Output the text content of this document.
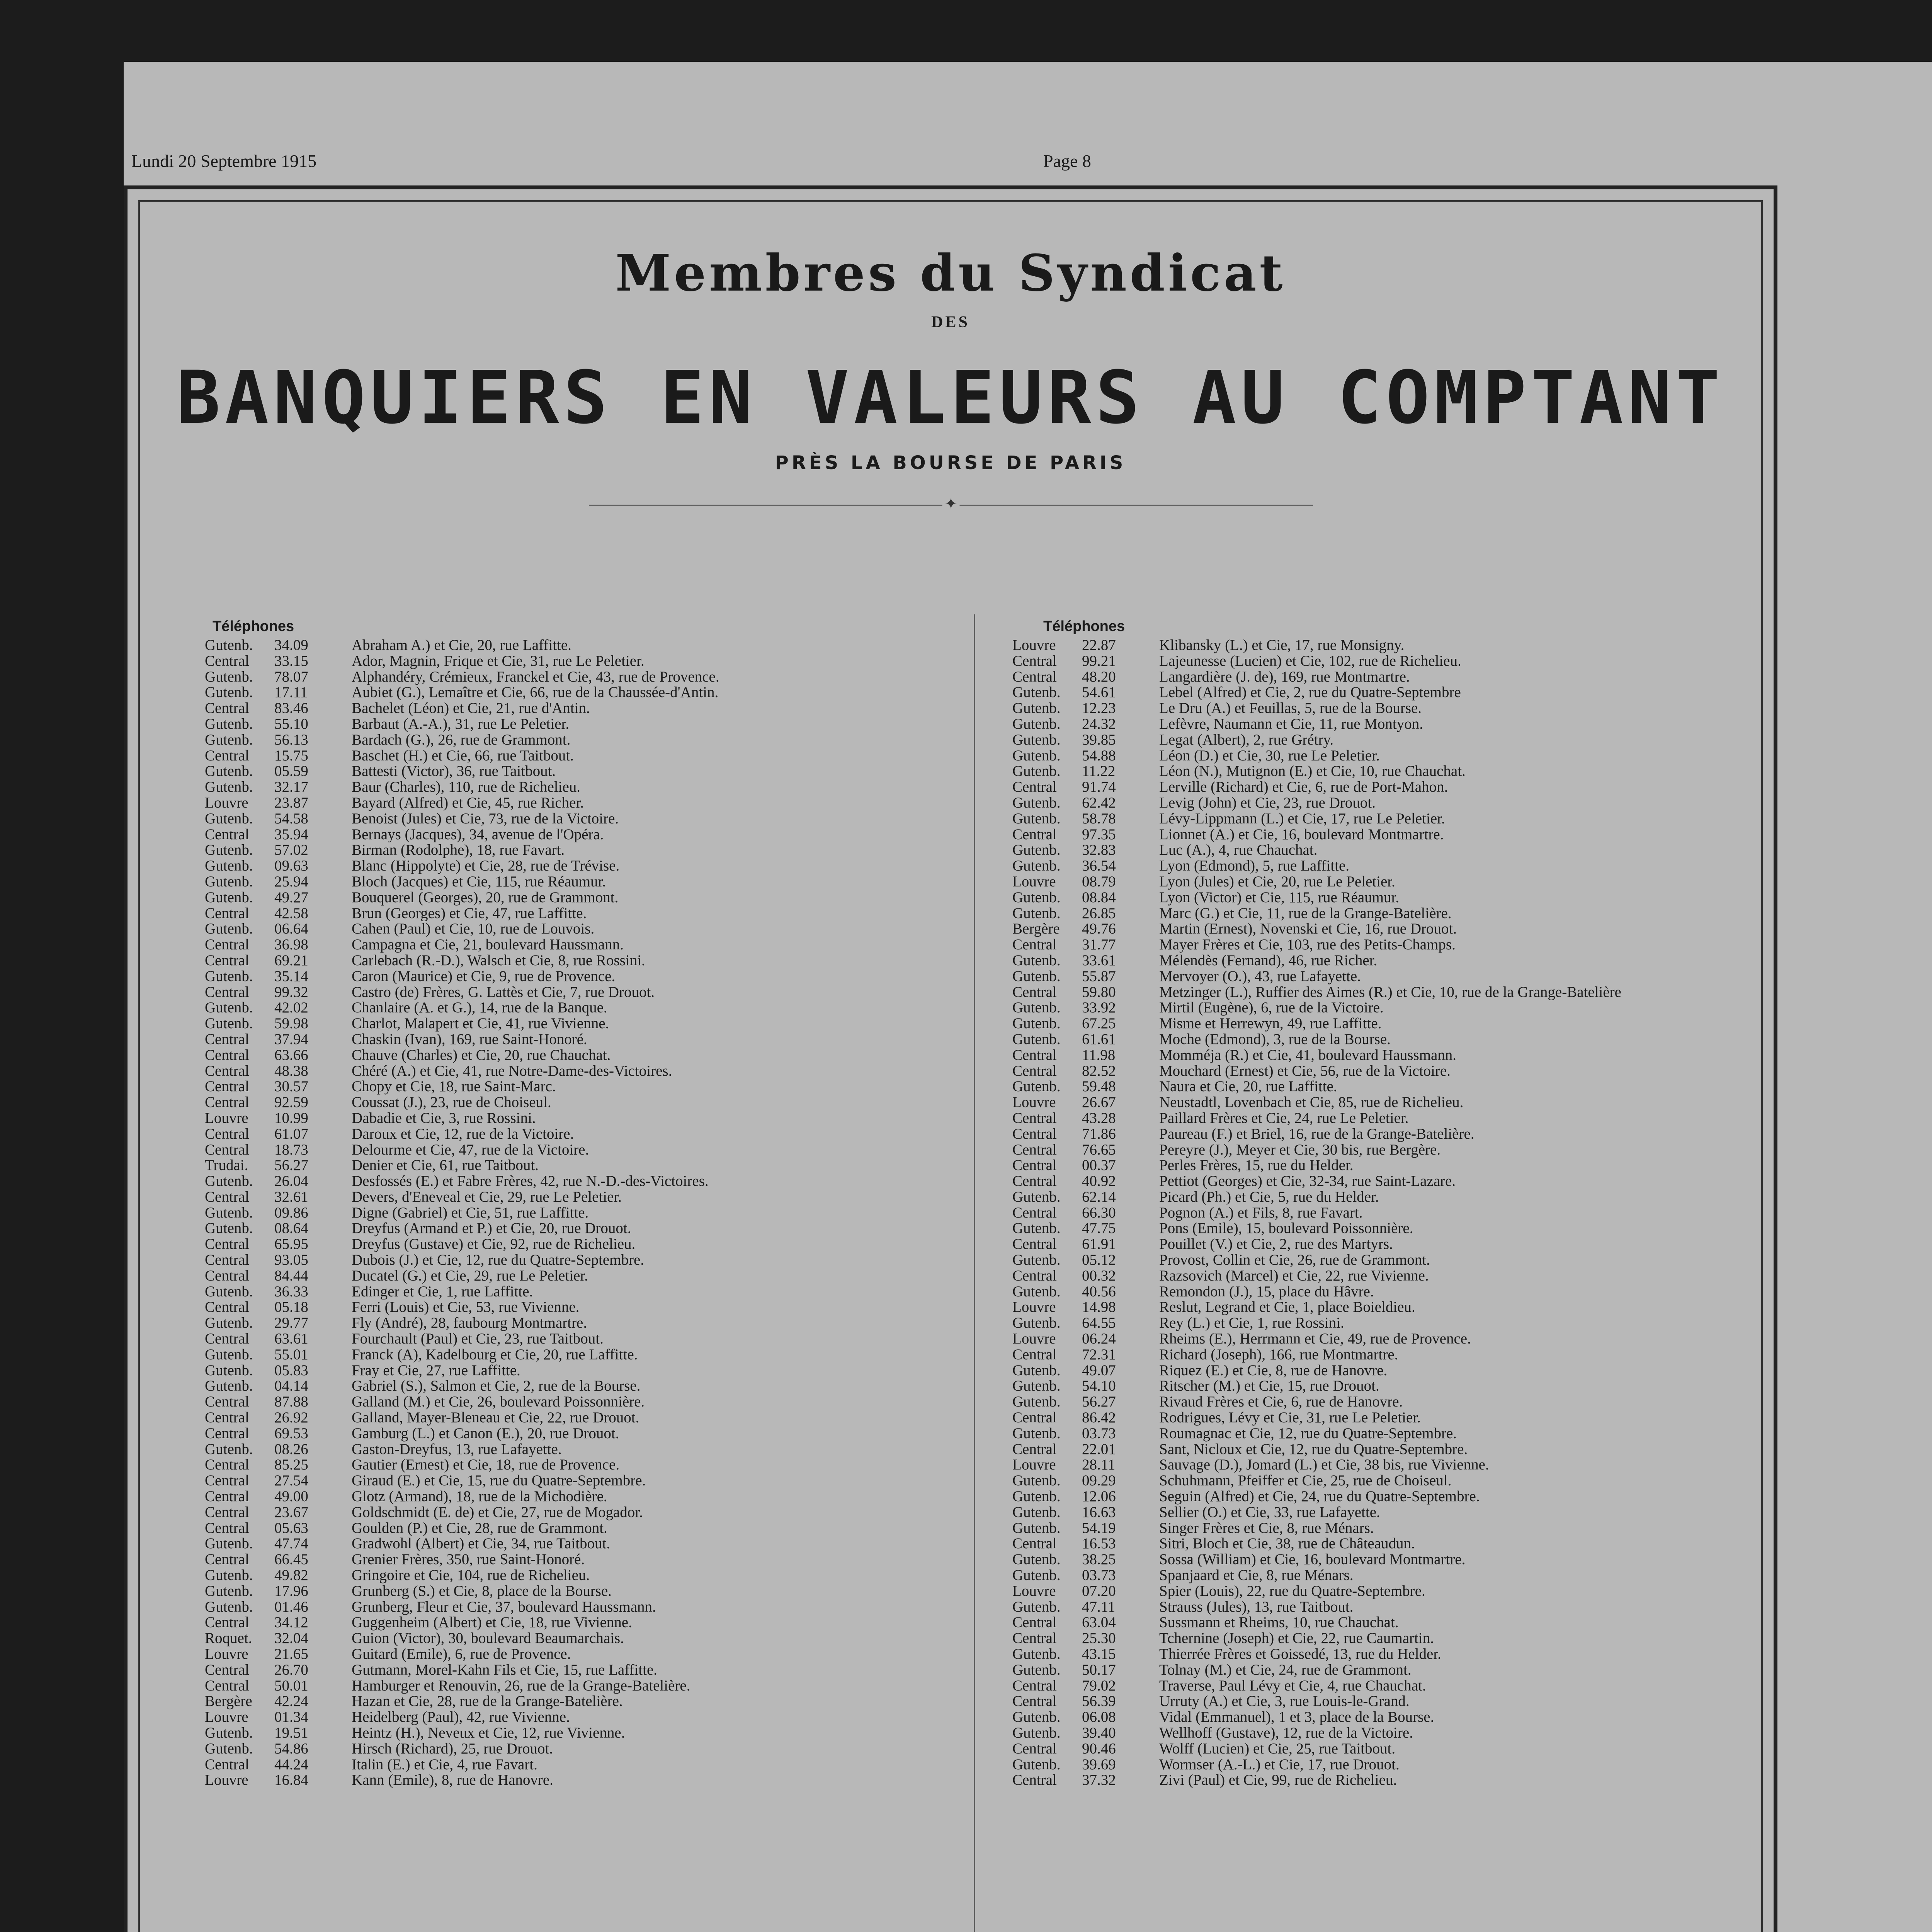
Lundi 20 Septembre 1915	Page 8
Membres du Syndicat
DES
BANQUIERS EN VALEURS AU COMPTANT
PRÈS LA BOURSE DE PARIS
―――――――――――――――――――――――― ✦ ――――――――――――――――――――――――
Téléphones	Téléphones
Gutenb.	34.09	Abraham A.) et Cie, 20, rue Laffitte.
Central	33.15	Ador, Magnin, Frique et Cie, 31, rue Le Peletier.
Gutenb.	78.07	Alphandéry, Crémieux, Franckel et Cie, 43, rue de Provence.
Gutenb.	17.11	Aubiet (G.), Lemaître et Cie, 66, rue de la Chaussée-d'Antin.
Central	83.46	Bachelet (Léon) et Cie, 21, rue d'Antin.
Gutenb.	55.10	Barbaut (A.-A.), 31, rue Le Peletier.
Gutenb.	56.13	Bardach (G.), 26, rue de Grammont.
Central	15.75	Baschet (H.) et Cie, 66, rue Taitbout.
Gutenb.	05.59	Battesti (Victor), 36, rue Taitbout.
Gutenb.	32.17	Baur (Charles), 110, rue de Richelieu.
Louvre	23.87	Bayard (Alfred) et Cie, 45, rue Richer.
Gutenb.	54.58	Benoist (Jules) et Cie, 73, rue de la Victoire.
Central	35.94	Bernays (Jacques), 34, avenue de l'Opéra.
Gutenb.	57.02	Birman (Rodolphe), 18, rue Favart.
Gutenb.	09.63	Blanc (Hippolyte) et Cie, 28, rue de Trévise.
Gutenb.	25.94	Bloch (Jacques) et Cie, 115, rue Réaumur.
Gutenb.	49.27	Bouquerel (Georges), 20, rue de Grammont.
Central	42.58	Brun (Georges) et Cie, 47, rue Laffitte.
Gutenb.	06.64	Cahen (Paul) et Cie, 10, rue de Louvois.
Central	36.98	Campagna et Cie, 21, boulevard Haussmann.
Central	69.21	Carlebach (R.-D.), Walsch et Cie, 8, rue Rossini.
Gutenb.	35.14	Caron (Maurice) et Cie, 9, rue de Provence.
Central	99.32	Castro (de) Frères, G. Lattès et Cie, 7, rue Drouot.
Gutenb.	42.02	Chanlaire (A. et G.), 14, rue de la Banque.
Gutenb.	59.98	Charlot, Malapert et Cie, 41, rue Vivienne.
Central	37.94	Chaskin (Ivan), 169, rue Saint-Honoré.
Central	63.66	Chauve (Charles) et Cie, 20, rue Chauchat.
Central	48.38	Chéré (A.) et Cie, 41, rue Notre-Dame-des-Victoires.
Central	30.57	Chopy et Cie, 18, rue Saint-Marc.
Central	92.59	Coussat (J.), 23, rue de Choiseul.
Louvre	10.99	Dabadie et Cie, 3, rue Rossini.
Central	61.07	Daroux et Cie, 12, rue de la Victoire.
Central	18.73	Delourme et Cie, 47, rue de la Victoire.
Trudai.	56.27	Denier et Cie, 61, rue Taitbout.
Gutenb.	26.04	Desfossés (E.) et Fabre Frères, 42, rue N.-D.-des-Victoires.
Central	32.61	Devers, d'Eneveal et Cie, 29, rue Le Peletier.
Gutenb.	09.86	Digne (Gabriel) et Cie, 51, rue Laffitte.
Gutenb.	08.64	Dreyfus (Armand et P.) et Cie, 20, rue Drouot.
Central	65.95	Dreyfus (Gustave) et Cie, 92, rue de Richelieu.
Central	93.05	Dubois (J.) et Cie, 12, rue du Quatre-Septembre.
Central	84.44	Ducatel (G.) et Cie, 29, rue Le Peletier.
Gutenb.	36.33	Edinger et Cie, 1, rue Laffitte.
Central	05.18	Ferri (Louis) et Cie, 53, rue Vivienne.
Gutenb.	29.77	Fly (André), 28, faubourg Montmartre.
Central	63.61	Fourchault (Paul) et Cie, 23, rue Taitbout.
Gutenb.	55.01	Franck (A), Kadelbourg et Cie, 20, rue Laffitte.
Gutenb.	05.83	Fray et Cie, 27, rue Laffitte.
Gutenb.	04.14	Gabriel (S.), Salmon et Cie, 2, rue de la Bourse.
Central	87.88	Galland (M.) et Cie, 26, boulevard Poissonnière.
Central	26.92	Galland, Mayer-Bleneau et Cie, 22, rue Drouot.
Central	69.53	Gamburg (L.) et Canon (E.), 20, rue Drouot.
Gutenb.	08.26	Gaston-Dreyfus, 13, rue Lafayette.
Central	85.25	Gautier (Ernest) et Cie, 18, rue de Provence.
Central	27.54	Giraud (E.) et Cie, 15, rue du Quatre-Septembre.
Central	49.00	Glotz (Armand), 18, rue de la Michodière.
Central	23.67	Goldschmidt (E. de) et Cie, 27, rue de Mogador.
Central	05.63	Goulden (P.) et Cie, 28, rue de Grammont.
Gutenb.	47.74	Gradwohl (Albert) et Cie, 34, rue Taitbout.
Central	66.45	Grenier Frères, 350, rue Saint-Honoré.
Gutenb.	49.82	Gringoire et Cie, 104, rue de Richelieu.
Gutenb.	17.96	Grunberg (S.) et Cie, 8, place de la Bourse.
Gutenb.	01.46	Grunberg, Fleur et Cie, 37, boulevard Haussmann.
Central	34.12	Guggenheim (Albert) et Cie, 18, rue Vivienne.
Roquet.	32.04	Guion (Victor), 30, boulevard Beaumarchais.
Louvre	21.65	Guitard (Emile), 6, rue de Provence.
Central	26.70	Gutmann, Morel-Kahn Fils et Cie, 15, rue Laffitte.
Central	50.01	Hamburger et Renouvin, 26, rue de la Grange-Batelière.
Bergère	42.24	Hazan et Cie, 28, rue de la Grange-Batelière.
Louvre	01.34	Heidelberg (Paul), 42, rue Vivienne.
Gutenb.	19.51	Heintz (H.), Neveux et Cie, 12, rue Vivienne.
Gutenb.	54.86	Hirsch (Richard), 25, rue Drouot.
Central	44.24	Italin (E.) et Cie, 4, rue Favart.
Louvre	16.84	Kann (Emile), 8, rue de Hanovre.
Louvre	22.87	Klibansky (L.) et Cie, 17, rue Monsigny.
Central	99.21	Lajeunesse (Lucien) et Cie, 102, rue de Richelieu.
Central	48.20	Langardière (J. de), 169, rue Montmartre.
Gutenb.	54.61	Lebel (Alfred) et Cie, 2, rue du Quatre-Septembre
Gutenb.	12.23	Le Dru (A.) et Feuillas, 5, rue de la Bourse.
Gutenb.	24.32	Lefèvre, Naumann et Cie, 11, rue Montyon.
Gutenb.	39.85	Legat (Albert), 2, rue Grétry.
Gutenb.	54.88	Léon (D.) et Cie, 30, rue Le Peletier.
Gutenb.	11.22	Léon (N.), Mutignon (E.) et Cie, 10, rue Chauchat.
Central	91.74	Lerville (Richard) et Cie, 6, rue de Port-Mahon.
Gutenb.	62.42	Levig (John) et Cie, 23, rue Drouot.
Gutenb.	58.78	Lévy-Lippmann (L.) et Cie, 17, rue Le Peletier.
Central	97.35	Lionnet (A.) et Cie, 16, boulevard Montmartre.
Gutenb.	32.83	Luc (A.), 4, rue Chauchat.
Gutenb.	36.54	Lyon (Edmond), 5, rue Laffitte.
Louvre	08.79	Lyon (Jules) et Cie, 20, rue Le Peletier.
Gutenb.	08.84	Lyon (Victor) et Cie, 115, rue Réaumur.
Gutenb.	26.85	Marc (G.) et Cie, 11, rue de la Grange-Batelière.
Bergère	49.76	Martin (Ernest), Novenski et Cie, 16, rue Drouot.
Central	31.77	Mayer Frères et Cie, 103, rue des Petits-Champs.
Gutenb.	33.61	Mélendès (Fernand), 46, rue Richer.
Gutenb.	55.87	Mervoyer (O.), 43, rue Lafayette.
Central	59.80	Metzinger (L.), Ruffier des Aimes (R.) et Cie, 10, rue de la Grange-Batelière
Gutenb.	33.92	Mirtil (Eugène), 6, rue de la Victoire.
Gutenb.	67.25	Misme et Herrewyn, 49, rue Laffitte.
Gutenb.	61.61	Moche (Edmond), 3, rue de la Bourse.
Central	11.98	Momméja (R.) et Cie, 41, boulevard Haussmann.
Central	82.52	Mouchard (Ernest) et Cie, 56, rue de la Victoire.
Gutenb.	59.48	Naura et Cie, 20, rue Laffitte.
Louvre	26.67	Neustadtl, Lovenbach et Cie, 85, rue de Richelieu.
Central	43.28	Paillard Frères et Cie, 24, rue Le Peletier.
Central	71.86	Paureau (F.) et Briel, 16, rue de la Grange-Batelière.
Central	76.65	Pereyre (J.), Meyer et Cie, 30 bis, rue Bergère.
Central	00.37	Perles Frères, 15, rue du Helder.
Central	40.92	Pettiot (Georges) et Cie, 32-34, rue Saint-Lazare.
Gutenb.	62.14	Picard (Ph.) et Cie, 5, rue du Helder.
Central	66.30	Pognon (A.) et Fils, 8, rue Favart.
Gutenb.	47.75	Pons (Emile), 15, boulevard Poissonnière.
Central	61.91	Pouillet (V.) et Cie, 2, rue des Martyrs.
Gutenb.	05.12	Provost, Collin et Cie, 26, rue de Grammont.
Central	00.32	Razsovich (Marcel) et Cie, 22, rue Vivienne.
Gutenb.	40.56	Remondon (J.), 15, place du Hâvre.
Louvre	14.98	Reslut, Legrand et Cie, 1, place Boieldieu.
Gutenb.	64.55	Rey (L.) et Cie, 1, rue Rossini.
Louvre	06.24	Rheims (E.), Herrmann et Cie, 49, rue de Provence.
Central	72.31	Richard (Joseph), 166, rue Montmartre.
Gutenb.	49.07	Riquez (E.) et Cie, 8, rue de Hanovre.
Gutenb.	54.10	Ritscher (M.) et Cie, 15, rue Drouot.
Gutenb.	56.27	Rivaud Frères et Cie, 6, rue de Hanovre.
Central	86.42	Rodrigues, Lévy et Cie, 31, rue Le Peletier.
Gutenb.	03.73	Roumagnac et Cie, 12, rue du Quatre-Septembre.
Central	22.01	Sant, Nicloux et Cie, 12, rue du Quatre-Septembre.
Louvre	28.11	Sauvage (D.), Jomard (L.) et Cie, 38 bis, rue Vivienne.
Gutenb.	09.29	Schuhmann, Pfeiffer et Cie, 25, rue de Choiseul.
Gutenb.	12.06	Seguin (Alfred) et Cie, 24, rue du Quatre-Septembre.
Gutenb.	16.63	Sellier (O.) et Cie, 33, rue Lafayette.
Gutenb.	54.19	Singer Frères et Cie, 8, rue Ménars.
Central	16.53	Sitri, Bloch et Cie, 38, rue de Châteaudun.
Gutenb.	38.25	Sossa (William) et Cie, 16, boulevard Montmartre.
Gutenb.	03.73	Spanjaard et Cie, 8, rue Ménars.
Louvre	07.20	Spier (Louis), 22, rue du Quatre-Septembre.
Gutenb.	47.11	Strauss (Jules), 13, rue Taitbout.
Central	63.04	Sussmann et Rheims, 10, rue Chauchat.
Central	25.30	Tchernine (Joseph) et Cie, 22, rue Caumartin.
Gutenb.	43.15	Thierrée Frères et Goissedé, 13, rue du Helder.
Gutenb.	50.17	Tolnay (M.) et Cie, 24, rue de Grammont.
Central	79.02	Traverse, Paul Lévy et Cie, 4, rue Chauchat.
Central	56.39	Urruty (A.) et Cie, 3, rue Louis-le-Grand.
Gutenb.	06.08	Vidal (Emmanuel), 1 et 3, place de la Bourse.
Gutenb.	39.40	Wellhoff (Gustave), 12, rue de la Victoire.
Central	90.46	Wolff (Lucien) et Cie, 25, rue Taitbout.
Gutenb.	39.69	Wormser (A.-L.) et Cie, 17, rue Drouot.
Central	37.32	Zivi (Paul) et Cie, 99, rue de Richelieu.
